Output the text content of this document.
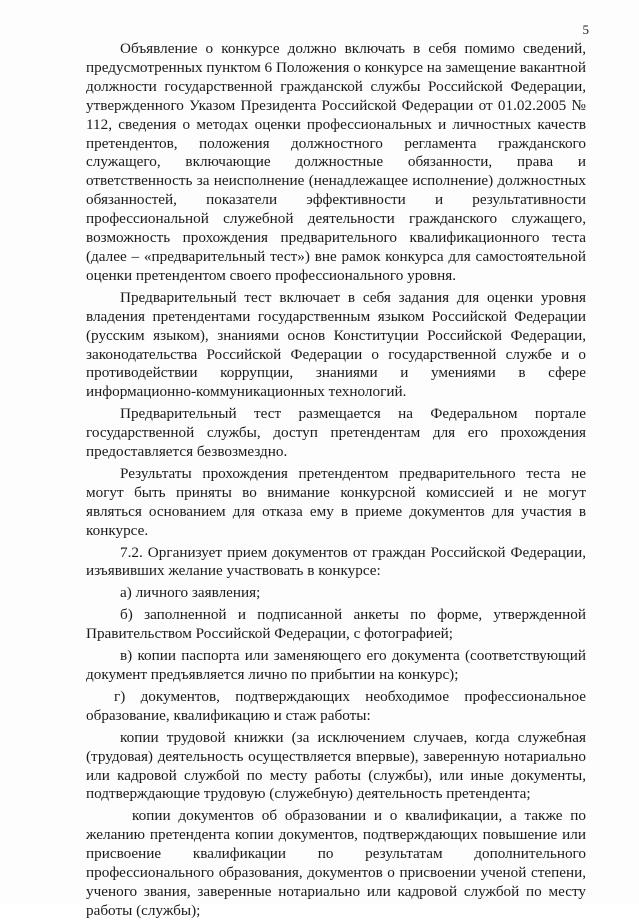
5

Объявление о конкурсе должно включать в себя помимо сведений, предусмотренных пунктом 6 Положения о конкурсе на замещение вакантной должности государственной гражданской службы Российской Федерации, утвержденного Указом Президента Российской Федерации от 01.02.2005 № 112, сведения о методах оценки профессиональных и личностных качеств претендентов, положения должностного регламента гражданского служащего, включающие должностные обязанности, права и ответственность за неисполнение (ненадлежащее исполнение) должностных обязанностей, показатели эффективности и результативности профессиональной служебной деятельности гражданского служащего, возможность прохождения предварительного квалификационного теста (далее – «предварительный тест») вне рамок конкурса для самостоятельной оценки претендентом своего профессионального уровня.

Предварительный тест включает в себя задания для оценки уровня владения претендентами государственным языком Российской Федерации (русским языком), знаниями основ Конституции Российской Федерации, законодательства Российской Федерации о государственной службе и о противодействии коррупции, знаниями и умениями в сфере информационно-коммуникационных технологий.

Предварительный тест размещается на Федеральном портале государственной службы, доступ претендентам для его прохождения предоставляется безвозмездно.

Результаты прохождения претендентом предварительного теста не могут быть приняты во внимание конкурсной комиссией и не могут являться основанием для отказа ему в приеме документов для участия в конкурсе.

7.2. Организует прием документов от граждан Российской Федерации, изъявивших желание участвовать в конкурсе:

а) личного заявления;

б) заполненной и подписанной анкеты по форме, утвержденной Правительством Российской Федерации, с фотографией;

в) копии паспорта или заменяющего его документа (соответствующий документ предъявляется лично по прибытии на конкурс);

г) документов, подтверждающих необходимое профессиональное образование, квалификацию и стаж работы:

копии трудовой книжки (за исключением случаев, когда служебная (трудовая) деятельность осуществляется впервые), заверенную нотариально или кадровой службой по месту работы (службы), или иные документы, подтверждающие трудовую (служебную) деятельность претендента;

копии документов об образовании и о квалификации, а также по желанию претендента копии документов, подтверждающих повышение или присвоение квалификации по результатам дополнительного профессионального образования, документов о присвоении ученой степени, ученого звания, заверенные нотариально или кадровой службой по месту работы (службы);
